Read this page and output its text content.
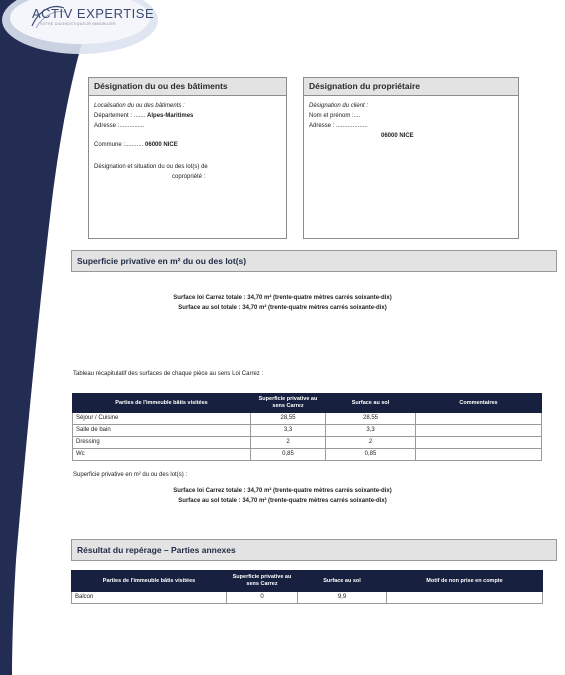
ACTIV EXPERTISE
VOTRE DIAGNOSTIQUEUR IMMOBILIER
Désignation du ou des bâtiments
Localisation du ou des bâtiments :
Département : ....... Alpes-Maritimes
Adresse :...............
Commune :........... 06000 NICE
Désignation et situation du ou des lot(s) de
copropriété :
Désignation du propriétaire
Désignation du client :
Nom et prénom :....
Adresse : ...................
06000 NICE
Superficie privative en m² du ou des lot(s)
Surface loi Carrez totale : 34,70 m² (trente-quatre mètres carrés soixante-dix)
Surface au sol totale : 34,70 m² (trente-quatre mètres carrés soixante-dix)
Tableau récapitulatif des surfaces de chaque pièce au sens Loi Carrez :
Parties de l'immeuble bâtis visitées	Superficie privative au sens Carrez	Surface au sol	Commentaires
Séjour / Cuisine	28,55	28,55	
Salle de bain	3,3	3,3	
Dressing	2	2	
Wc	0,85	0,85	
Superficie privative en m² du ou des lot(s) :
Surface loi Carrez totale : 34,70 m² (trente-quatre mètres carrés soixante-dix)
Surface au sol totale : 34,70 m² (trente-quatre mètres carrés soixante-dix)
Résultat du repérage – Parties annexes
Parties de l'immeuble bâtis visitées	Superficie privative au sens Carrez	Surface au sol	Motif de non prise en compte
Balcon	0	9,9	
